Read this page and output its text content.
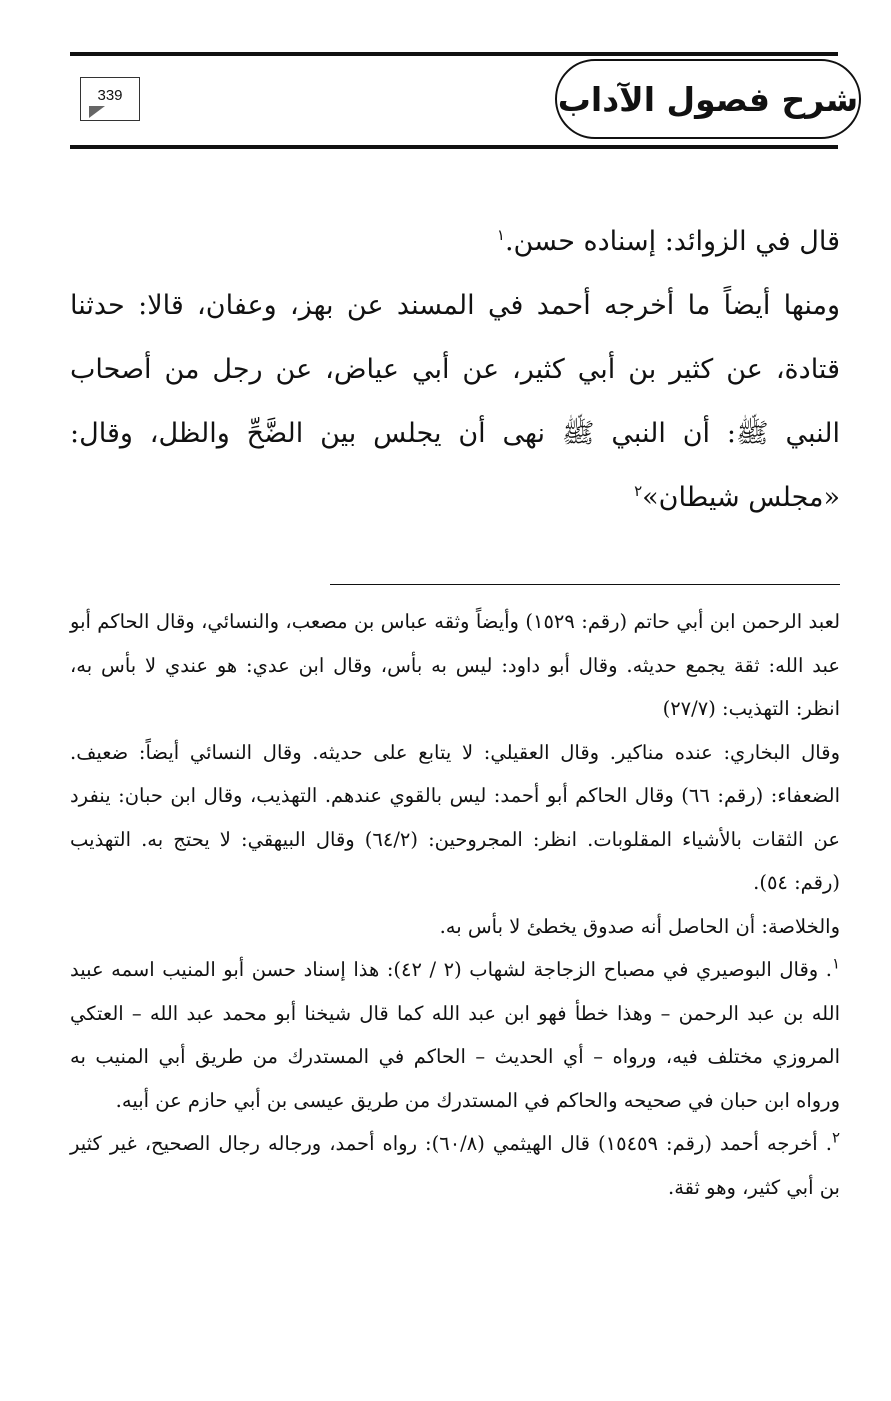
شرح فصول الآداب
339

قال في الزوائد: إسناده حسن.$^١$

ومنها أيضاً ما أخرجه أحمد في المسند عن بهز، وعفان، قالا: حدثنا قتادة، عن كثير بن أبي كثير، عن أبي عياض، عن رجل من أصحاب النبي ﷺ: أن النبي ﷺ نهى أن يجلس بين الضَّحِّ والظل، وقال: «مجلس شيطان»$^٢$

لعبد الرحمن ابن أبي حاتم (رقم: ١٥٢٩) وأيضاً وثقه عباس بن مصعب، والنسائي، وقال الحاكم أبو عبد الله: ثقة يجمع حديثه. وقال أبو داود: ليس به بأس، وقال ابن عدي: هو عندي لا بأس به، انظر: التهذيب: (٢٧/٧)

وقال البخاري: عنده مناكير. وقال العقيلي: لا يتابع على حديثه. وقال النسائي أيضاً: ضعيف. الضعفاء: (رقم: ٦٦) وقال الحاكم أبو أحمد: ليس بالقوي عندهم. التهذيب، وقال ابن حبان: ينفرد عن الثقات بالأشياء المقلوبات. انظر: المجروحين: (٦٤/٢) وقال البيهقي: لا يحتج به. التهذيب (رقم: ٥٤).

والخلاصة: أن الحاصل أنه صدوق يخطئ لا بأس به.

$^١$. وقال البوصيري في مصباح الزجاجة لشهاب (٢ / ٤٢): هذا إسناد حسن أبو المنيب اسمه عبيد الله بن عبد الرحمن – وهذا خطأ فهو ابن عبد الله كما قال شيخنا أبو محمد عبد الله – العتكي المروزي مختلف فيه، ورواه – أي الحديث – الحاكم في المستدرك من طريق أبي المنيب به ورواه ابن حبان في صحيحه والحاكم في المستدرك من طريق عيسى بن أبي حازم عن أبيه.

$^٢$. أخرجه أحمد (رقم: ١٥٤٥٩) قال الهيثمي (٦٠/٨): رواه أحمد، ورجاله رجال الصحيح، غير كثير بن أبي كثير، وهو ثقة.
